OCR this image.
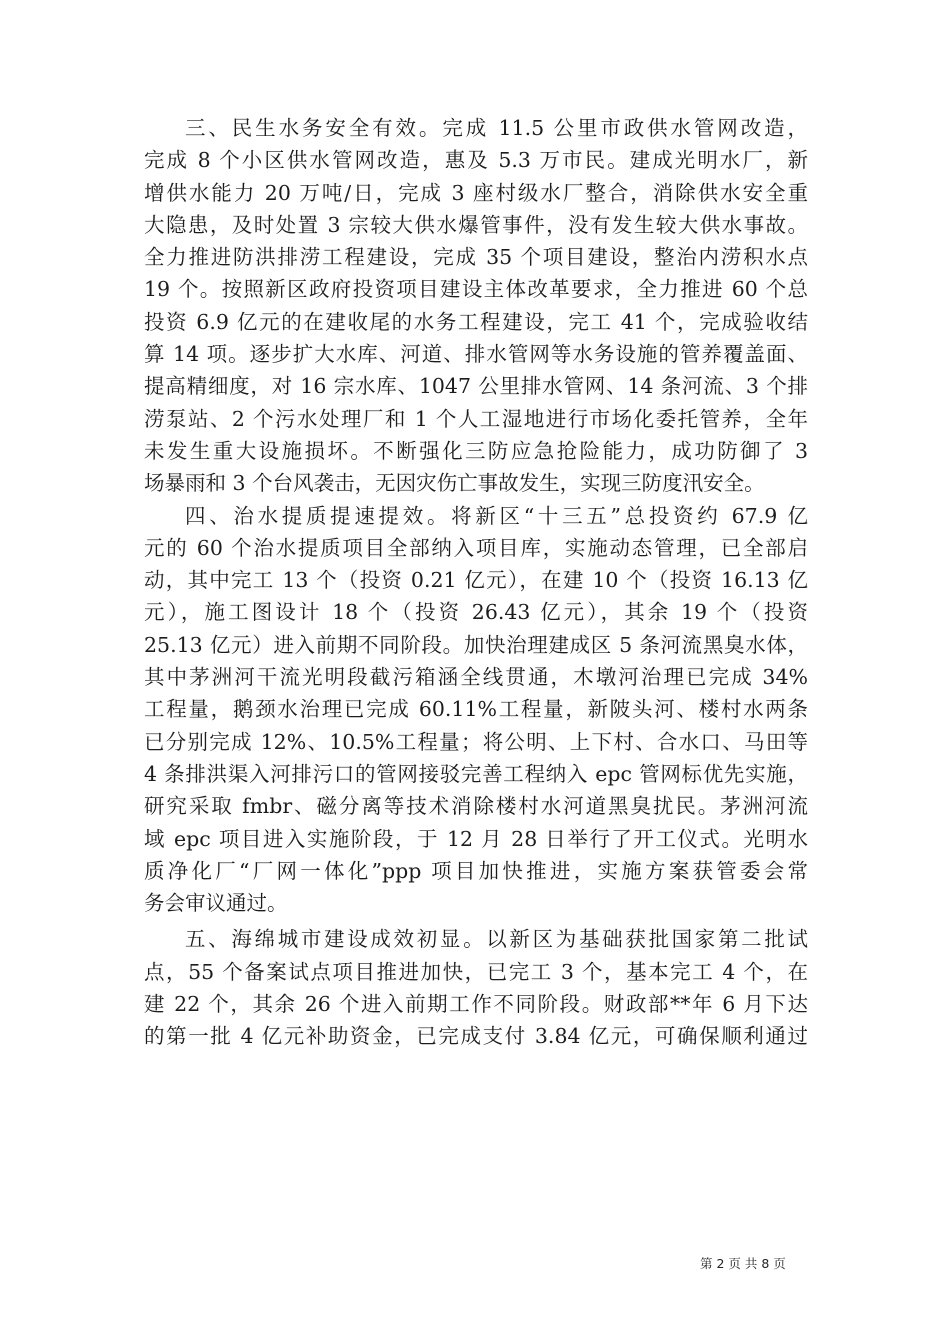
三、民生水务安全有效。完成 11.5 公里市政供水管网改造，
完成 8 个小区供水管网改造，惠及 5.3 万市民。建成光明水厂，新
增供水能力 20 万吨/日，完成 3 座村级水厂整合，消除供水安全重
大隐患，及时处置 3 宗较大供水爆管事件，没有发生较大供水事故。
全力推进防洪排涝工程建设，完成 35 个项目建设，整治内涝积水点
19 个。按照新区政府投资项目建设主体改革要求，全力推进 60 个总
投资 6.9 亿元的在建收尾的水务工程建设，完工 41 个，完成验收结
算 14 项。逐步扩大水库、河道、排水管网等水务设施的管养覆盖面、
提高精细度，对 16 宗水库、1047 公里排水管网、14 条河流、3 个排
涝泵站、2 个污水处理厂和 1 个人工湿地进行市场化委托管养，全年
未发生重大设施损坏。不断强化三防应急抢险能力，成功防御了 3
场暴雨和 3 个台风袭击，无因灾伤亡事故发生，实现三防度汛安全。
四、治水提质提速提效。将新区“十三五”总投资约 67.9 亿
元的 60 个治水提质项目全部纳入项目库，实施动态管理，已全部启
动，其中完工 13 个（投资 0.21 亿元），在建 10 个（投资 16.13 亿
元），施工图设计 18 个（投资 26.43 亿元），其余 19 个（投资
25.13 亿元）进入前期不同阶段。加快治理建成区 5 条河流黑臭水体，
其中茅洲河干流光明段截污箱涵全线贯通，木墩河治理已完成 34%
工程量，鹅颈水治理已完成 60.11%工程量，新陂头河、楼村水两条
已分别完成 12%、10.5%工程量；将公明、上下村、合水口、马田等
4 条排洪渠入河排污口的管网接驳完善工程纳入 epc 管网标优先实施，
研究采取 fmbr、磁分离等技术消除楼村水河道黑臭扰民。茅洲河流
域 epc 项目进入实施阶段，于 12 月 28 日举行了开工仪式。光明水
质净化厂“厂网一体化”ppp 项目加快推进，实施方案获管委会常
务会审议通过。
五、海绵城市建设成效初显。以新区为基础获批国家第二批试
点，55 个备案试点项目推进加快，已完工 3 个，基本完工 4 个，在
建 22 个，其余 26 个进入前期工作不同阶段。财政部**年 6 月下达
的第一批 4 亿元补助资金，已完成支付 3.84 亿元，可确保顺利通过
第 2 页 共 8 页
